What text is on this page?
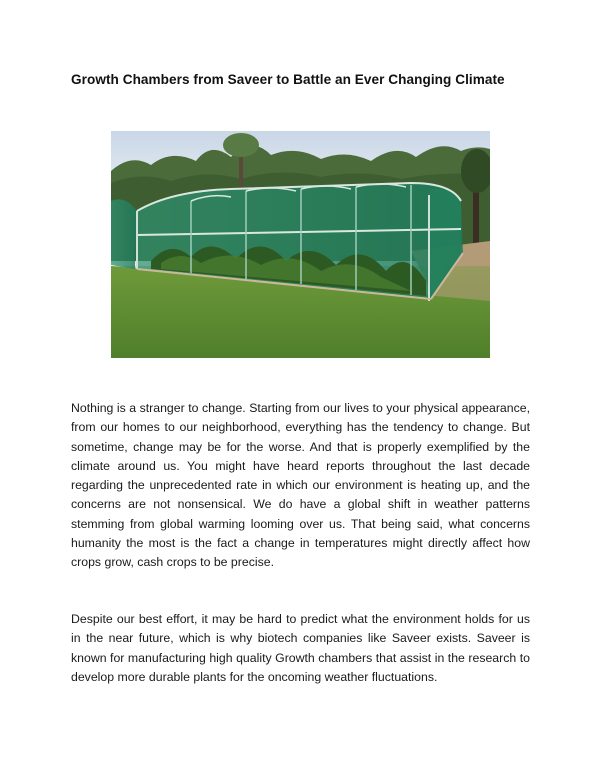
Growth Chambers from Saveer to Battle an Ever Changing Climate

Nothing is a stranger to change. Starting from our lives to your physical appearance, from our homes to our neighborhood, everything has the tendency to change. But sometime, change may be for the worse. And that is properly exemplified by the climate around us. You might have heard reports throughout the last decade regarding the unprecedented rate in which our environment is heating up, and the concerns are not nonsensical. We do have a global shift in weather patterns stemming from global warming looming over us. That being said, what concerns humanity the most is the fact a change in temperatures might directly affect how crops grow, cash crops to be precise.

Despite our best effort, it may be hard to predict what the environment holds for us in the near future, which is why biotech companies like Saveer exists. Saveer is known for manufacturing high quality Growth chambers that assist in the research to develop more durable plants for the oncoming weather fluctuations.
